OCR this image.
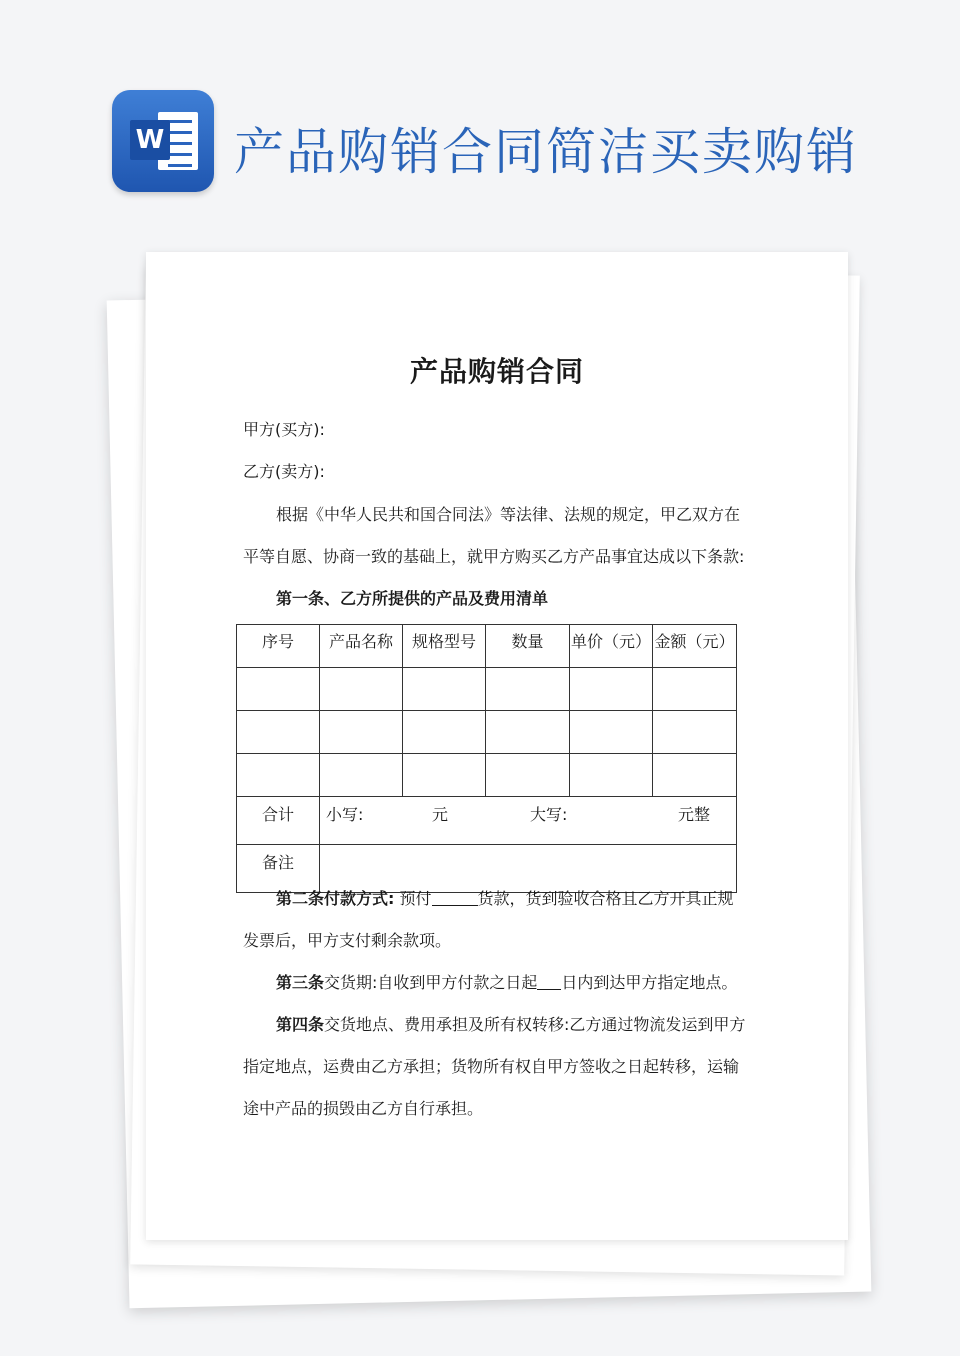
W 产品购销合同简洁买卖购销
产品购销合同
甲方(买方):
乙方(卖方):
根据《中华人民共和国合同法》等法律、法规的规定，甲乙双方在
平等自愿、协商一致的基础上，就甲方购买乙方产品事宜达成以下条款:
第一条、乙方所提供的产品及费用清单
序号	产品名称	规格型号	数量	单价（元）	金额（元）

合计	小写: 元 大写: 元整				

备注					
第二条付款方式: 预付	货款，货到验收合格且乙方开具正规
发票后，甲方支付剩余款项。
第三条交货期:自收到甲方付款之日起 日内到达甲方指定地点。
第四条交货地点、费用承担及所有权转移:乙方通过物流发运到甲方
指定地点，运费由乙方承担；货物所有权自甲方签收之日起转移，运输
途中产品的损毁由乙方自行承担。
